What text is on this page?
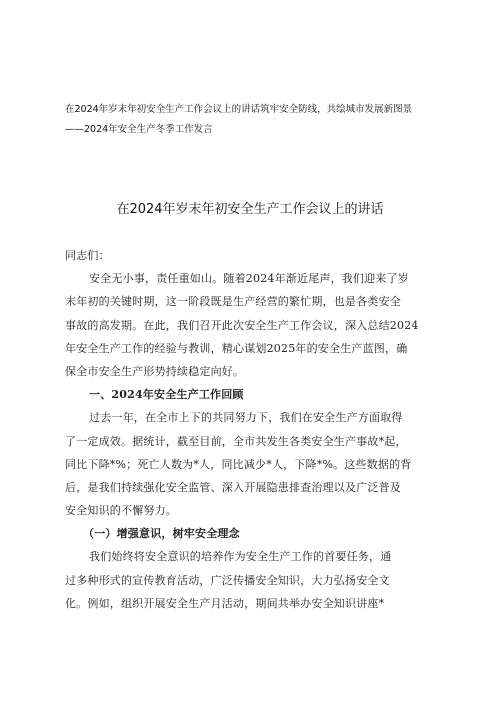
在2024年岁末年初安全生产工作会议上的讲话筑牢安全防线，共绘城市发展新图景
——2024年安全生产冬季工作发言
在2024年岁末年初安全生产工作会议上的讲话
同志们：
安全无小事，责任重如山。随着2024年渐近尾声，我们迎来了岁
末年初的关键时期，这一阶段既是生产经营的繁忙期，也是各类安全
事故的高发期。在此，我们召开此次安全生产工作会议，深入总结2024
年安全生产工作的经验与教训，精心谋划2025年的安全生产蓝图，确
保全市安全生产形势持续稳定向好。
一、2024年安全生产工作回顾
过去一年，在全市上下的共同努力下，我们在安全生产方面取得
了一定成效。据统计，截至目前，全市共发生各类安全生产事故*起，
同比下降*%；死亡人数为*人，同比减少*人，下降*%。这些数据的背
后，是我们持续强化安全监管、深入开展隐患排查治理以及广泛普及
安全知识的不懈努力。
（一）增强意识，树牢安全理念
我们始终将安全意识的培养作为安全生产工作的首要任务，通
过多种形式的宣传教育活动，广泛传播安全知识，大力弘扬安全文
化。例如，组织开展安全生产月活动，期间共举办安全知识讲座*
